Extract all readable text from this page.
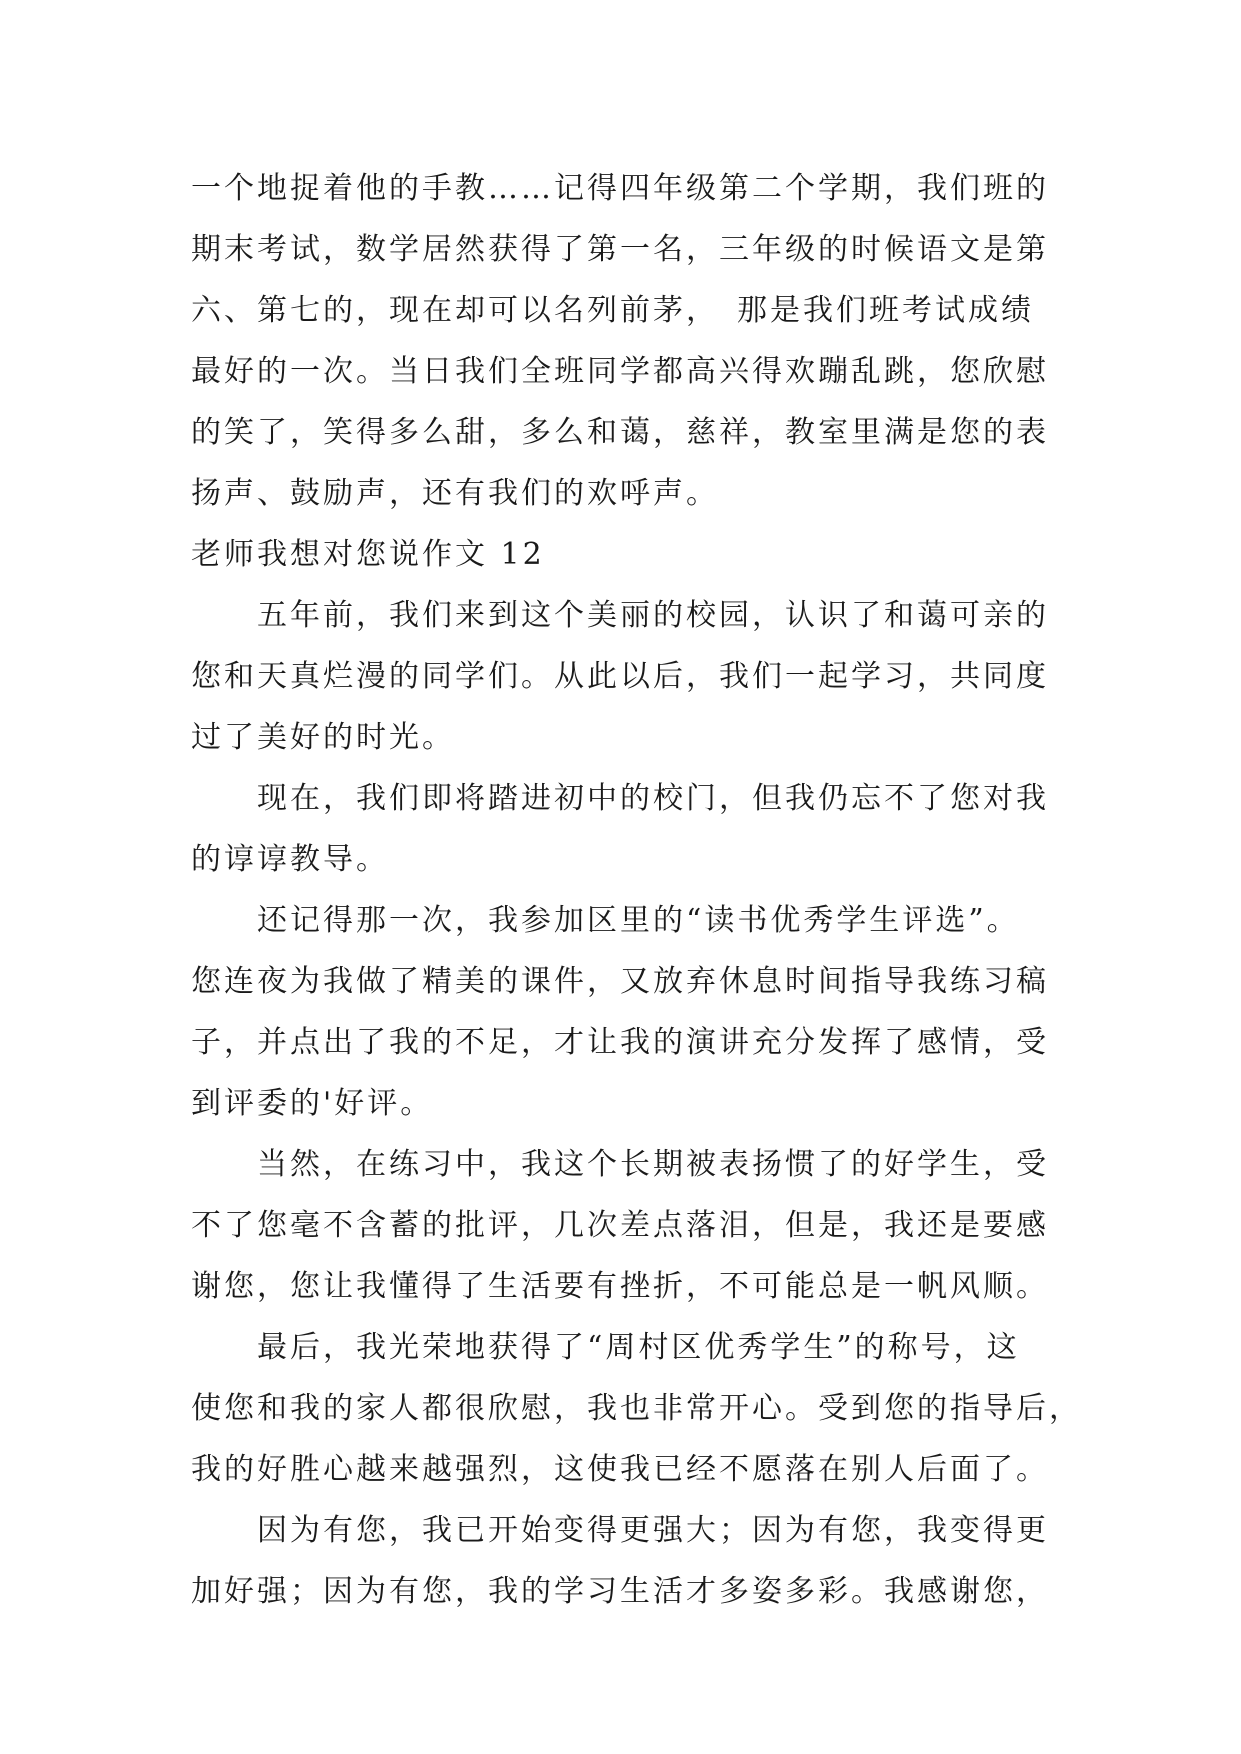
一个地捉着他的手教……记得四年级第二个学期，我们班的
期末考试，数学居然获得了第一名，三年级的时候语文是第
六、第七的，现在却可以名列前茅，　那是我们班考试成绩
最好的一次。当日我们全班同学都高兴得欢蹦乱跳，您欣慰
的笑了，笑得多么甜，多么和蔼，慈祥，教室里满是您的表
扬声、鼓励声，还有我们的欢呼声。
老师我想对您说作文 12
五年前，我们来到这个美丽的校园，认识了和蔼可亲的
您和天真烂漫的同学们。从此以后，我们一起学习，共同度
过了美好的时光。
现在，我们即将踏进初中的校门，但我仍忘不了您对我
的谆谆教导。
还记得那一次，我参加区里的“读书优秀学生评选”。
您连夜为我做了精美的课件，又放弃休息时间指导我练习稿
子，并点出了我的不足，才让我的演讲充分发挥了感情，受
到评委的'好评。
当然，在练习中，我这个长期被表扬惯了的好学生，受
不了您毫不含蓄的批评，几次差点落泪，但是，我还是要感
谢您，您让我懂得了生活要有挫折，不可能总是一帆风顺。
最后，我光荣地获得了“周村区优秀学生”的称号，这
使您和我的家人都很欣慰，我也非常开心。受到您的指导后，
我的好胜心越来越强烈，这使我已经不愿落在别人后面了。
因为有您，我已开始变得更强大；因为有您，我变得更
加好强；因为有您，我的学习生活才多姿多彩。我感谢您，
